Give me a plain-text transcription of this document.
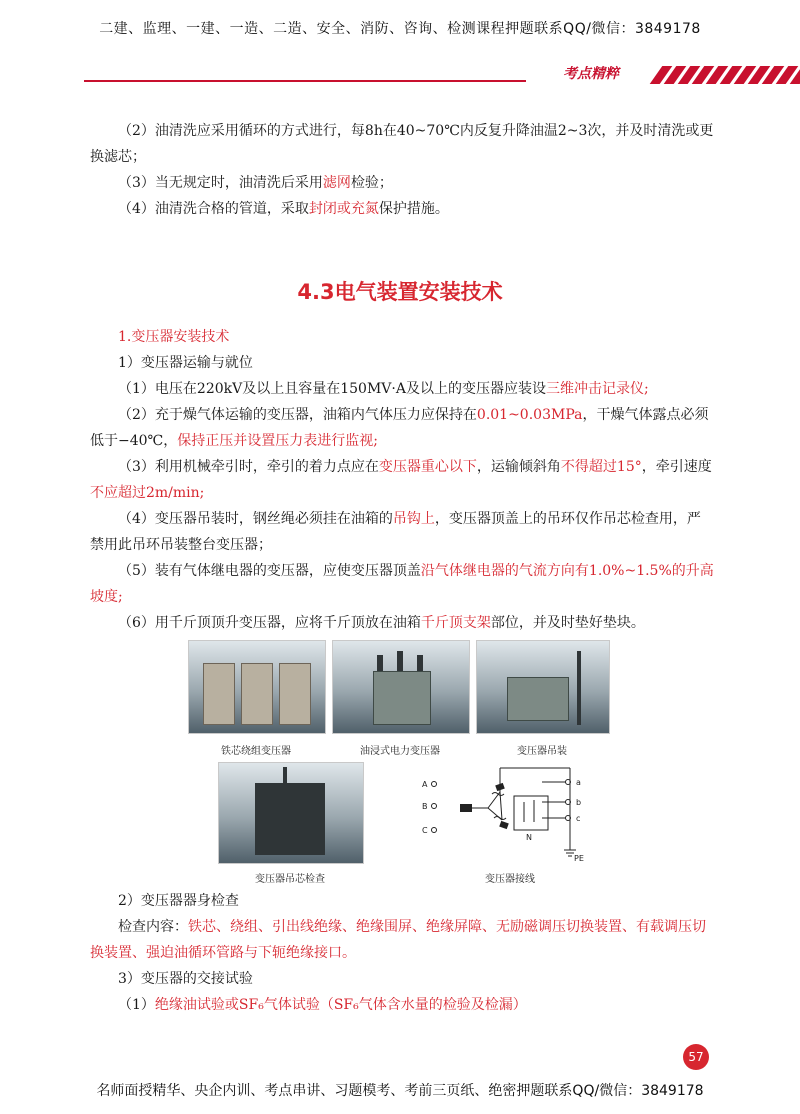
二建、监理、一建、一造、二造、安全、消防、咨询、检测课程押题联系QQ/微信：3849178
考点精粹

（2）油清洗应采用循环的方式进行，每8h在40~70℃内反复升降油温2~3次，并及时清洗或更换滤芯；

（3）当无规定时，油清洗后采用滤网检验；

（4）油清洗合格的管道，采取封闭或充氮保护措施。

4.3电气装置安装技术

1.变压器安装技术

1）变压器运输与就位

（1）电压在220kV及以上且容量在150MV·A及以上的变压器应装设三维冲击记录仪;

（2）充于燥气体运输的变压器，油箱内气体压力应保持在0.01~0.03MPa，干燥气体露点必须低于−40℃，保持正压并设置压力表进行监视;

（3）利用机械牵引时，牵引的着力点应在变压器重心以下，运输倾斜角不得超过15°，牵引速度不应超过2m/min;

（4）变压器吊装时，钢丝绳必须挂在油箱的吊钩上，变压器顶盖上的吊环仅作吊芯检查用，严禁用此吊环吊装整台变压器；

（5）装有气体继电器的变压器，应使变压器顶盖沿气体继电器的气流方向有1.0%~1.5%的升高坡度;

（6）用千斤顶顶升变压器，应将千斤顶放在油箱千斤顶支架部位，并及时垫好垫块。

铁芯绕组变压器	油浸式电力变压器	变压器吊装
变压器吊芯检查
A
B
C
a
b
c
N
PE
变压器接线

2）变压器器身检查

检查内容：铁芯、绕组、引出线绝缘、绝缘围屏、绝缘屏障、无励磁调压切换装置、有载调压切换装置、强迫油循环管路与下轭绝缘接口。

3）变压器的交接试验

（1）绝缘油试验或SF₆气体试验（SF₆气体含水量的检验及检漏）

57
名师面授精华、央企内训、考点串讲、习题模考、考前三页纸、绝密押题联系QQ/微信：3849178
